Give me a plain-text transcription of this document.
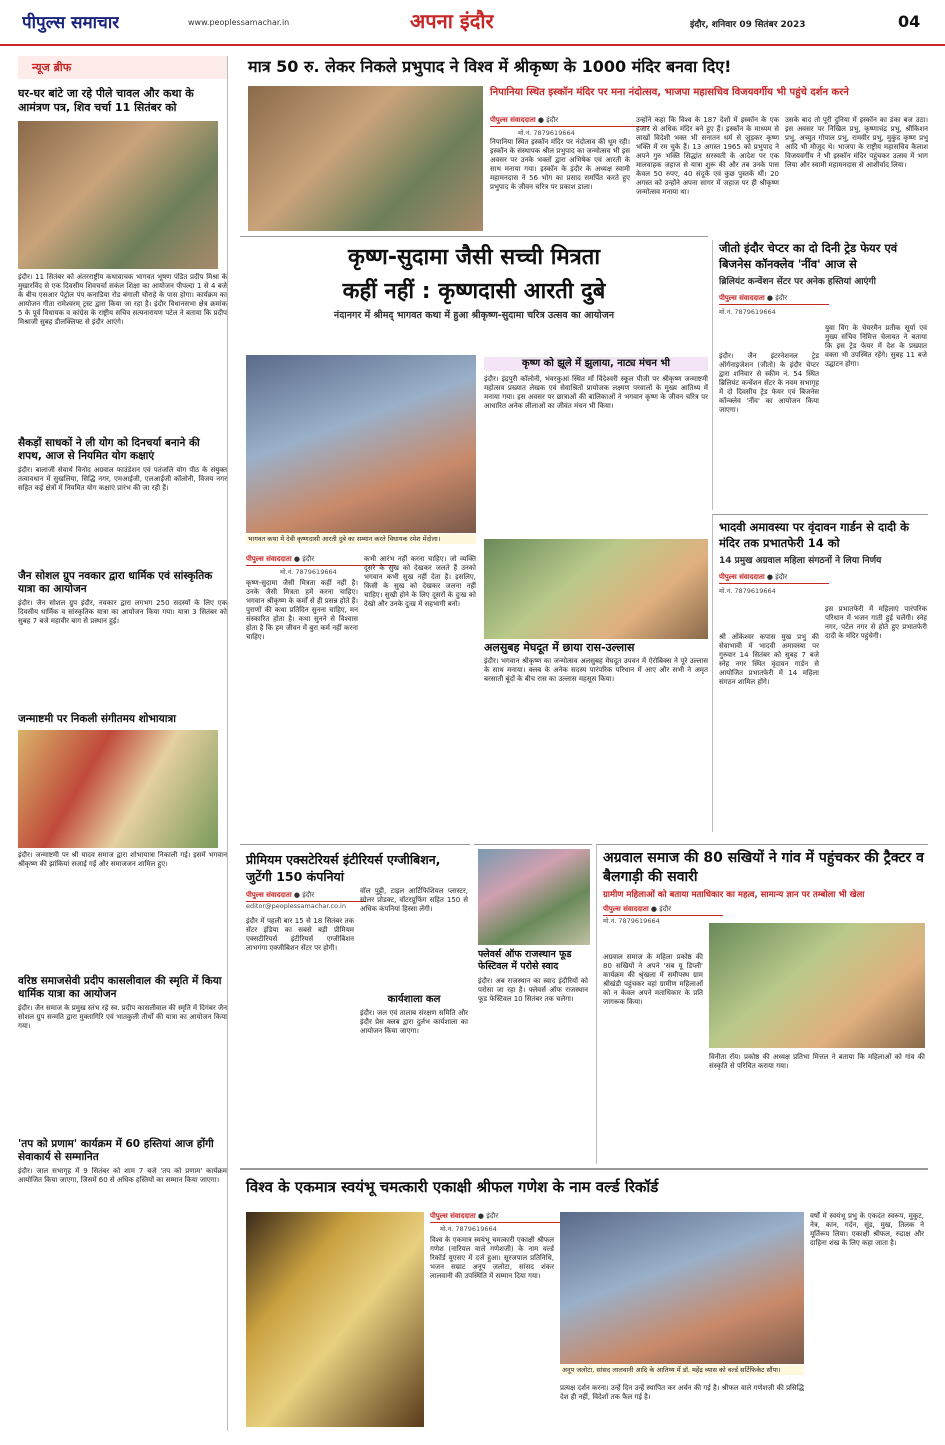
पीपुल्स समाचार	www.peoplessamachar.in	अपना इंदौर	इंदौर, शनिवार 09 सितंबर 2023	04
न्यूज ब्रीफ
घर-घर बांटे जा रहे पीले चावल और कथा के आमंत्रण पत्र, शिव चर्चा 11 सितंबर को
इंदौर। 11 सितंबर को अंतरराष्ट्रीय कथावाचक भागवत भूषण पंडित प्रदीप मिश्रा के मुखारविंद से एक दिवसीय शिवचर्चा सकंल शिक्षा का आयोजन पीपल्दा 1 से 4 बजे के बीच एसआर पेट्रोल पंप कनाडिया रोड बंगाली चौराहे के पास होगा। कार्यक्रम का आयोजन गीता रामेश्वरम् ट्रस्ट द्वारा किया जा रहा है। इंदौर विधानसभा क्षेत्र क्रमांक 5 के पूर्व विधायक व कांग्रेस के राष्ट्रीय सचिव सत्यनारायण पटेल ने बताया कि प्रदीप मिश्राजी सुबह डीलक्लिफ्ट से इंदौर आएंगे।
सैकड़ों साधकों ने ली योग को दिनचर्या बनाने की शपथ, आज से नियमित योग कक्षाएं
इंदौर। बालाजी सेवार्थ विनोद अग्रवाल फाउंडेशन एवं पतंजलि योग पीठ के संयुक्त तत्वावधान में सुखलिया, सिद्धि नगर, एमआईजी, एलआईजी कॉलोनी, विजय नगर सहित कई क्षेत्रों में नियमित योग कक्षाएं प्रारंभ की जा रही हैं।
जैन सोशल ग्रुप नवकार द्वारा धार्मिक एवं सांस्कृतिक यात्रा का आयोजन
इंदौर। जैन सोशल ग्रुप इंदौर, नवकार द्वारा लगभग 250 सदस्यों के लिए एक दिवसीय धार्मिक व सांस्कृतिक यात्रा का आयोजन किया गया। यात्रा 3 सितंबर को सुबह 7 बजे महावीर बाग से प्रस्थान हुई।
जन्माष्टमी पर निकली संगीतमय शोभायात्रा
इंदौर। जन्माष्टमी पर श्री यादव समाज द्वारा शोभायात्रा निकाली गई। इसमें भगवान श्रीकृष्ण की झांकियां सजाई गईं और समाजजन शामिल हुए।
वरिष्ठ समाजसेवी प्रदीप कासलीवाल की स्मृति में किया धार्मिक यात्रा का आयोजन
इंदौर। जैन समाज के प्रमुख स्तंभ रहे स्व. प्रदीप कासलीवाल की स्मृति में दिगंबर जैन सोशल ग्रुप सन्मति द्वारा मुक्तागिरि एवं भातकुली तीर्थों की यात्रा का आयोजन किया गया।
'तप को प्रणाम' कार्यक्रम में 60 हस्तियां आज होंगी सेवाकार्य से सम्मानित
इंदौर। जाल सभागृह में 9 सितंबर को शाम 7 बजे 'तप को प्रणाम' कार्यक्रम आयोजित किया जाएगा, जिसमें 60 से अधिक हस्तियों का सम्मान किया जाएगा।
मात्र 50 रु. लेकर निकले प्रभुपाद ने विश्व में श्रीकृष्ण के 1000 मंदिर बनवा दिए!
निपानिया स्थित इस्कॉन मंदिर पर मना नंदोत्सव, भाजपा महासचिव विजयवर्गीय भी पहुंचे दर्शन करने
पीपुल्स संवाददाता ● इंदौर
मो.नं. 7879619664
निपानिया स्थित इस्कॉन मंदिर पर नंदोत्सव की धूम रही। इस्कॉन के संस्थापक श्रील प्रभुपाद का जन्मोत्सव भी इस अवसर पर उनके भक्तों द्वारा अभिषेक एवं आरती के साथ मनाया गया। इस्कॉन के इंदौर के अध्यक्ष स्वामी महामनदास ने 56 भोग का प्रसाद समर्पित करते हुए प्रभुपाद के जीवन चरित्र पर प्रकाश डाला।
उन्होंने कहा कि विश्व के 187 देशों में इस्कॉन के एक हजार से अधिक मंदिर बने हुए हैं। इस्कॉन के माध्यम से लाखों विदेशी भक्त भी सनातन धर्म से जुड़कर कृष्ण भक्ति में रम चुके हैं। 13 अगस्त 1965 को प्रभुपाद ने अपने गुरु भक्ति सिद्धांत सरस्वती के आदेश पर एक मालवाहक जहाज से यात्रा शुरू की और तब उनके पास केवल 50 रुपए, 40 संदूकें एवं कुछ पुस्तकें थीं। 20 अगस्त को उन्होंने अपना सागर में जहाज पर ही श्रीकृष्ण जन्मोत्सव मनाया था।
उसके बाद तो पूरी दुनिया में इस्कॉन का डंका बज उठा। इस अवसर पर निखिल प्रभु, कृष्णाचंद्र प्रभु, श्रीकिशन प्रभु, अच्युत गोपाल प्रभु, रामवीर प्रभु, मुकुंद कृष्ण प्रभु आदि भी मौजूद थे। भाजपा के राष्ट्रीय महासचिव कैलाश विजयवर्गीय ने भी इस्कॉन मंदिर पहुंचकर उत्सव में भाग लिया और स्वामी महामनदास से आशीर्वाद लिया।
कृष्ण-सुदामा जैसी सच्ची मित्रता
कहीं नहीं : कृष्णदासी आरती दुबे
नंदानगर में श्रीमद् भागवत कथा में हुआ श्रीकृष्ण-सुदामा चरित्र उत्सव का आयोजन
भागवत कथा में देवी कृष्णदासी आरती दुबे का सम्मान करते विधायक रमेश मेंदोला।
पीपुल्स संवाददाता ● इंदौर
मो.नं. 7879619664
कृष्ण-सुदामा जैसी मित्रता कहीं नहीं है। उनके जैसी मित्रता हमें करना चाहिए। भगवान श्रीकृष्ण के कर्मों से ही प्रसन्न होते हैं। पुराणों की कथा प्रतिदिन सुनना चाहिए, मन संस्कारित होता है। कथा सुनने से विश्वास होता है कि हम जीवन में बुरा कर्म नहीं करना चाहिए।
कभी आरंभ नहीं करना चाहिए। जो व्यक्ति दूसरे के सुख को देखकर जलते हैं उनको भगवान कभी सुख नहीं देता है। इसलिए, किसी के सुख को देखकर जलना नहीं चाहिए। सुखी होने के लिए दूसरों के दुःख को देखो और उनके दुःख में सहभागी बनो।
कृष्ण को झूले में झुलाया, नाट्य मंचन भी
इंदौर। इंद्रपुरी कॉलोनी, भंवरकुआं स्थित माँ विंदेश्वरी स्कूल पीजी पर श्रीकृष्ण जन्माष्टमी महोत्सव प्रख्यात लेखक एवं सेवाश्रितों प्रायोजक लक्ष्मण परवालों के मुख्य आतिथ्य में मनाया गया। इस अवसर पर छात्राओं की बालिकाओं ने भगवान कृष्ण के जीवन चरित्र पर आधारित अनेक लीलाओं का जीवंत मंचन भी किया।
अलसुबह मेघदूत में छाया रास-उल्लास
इंदौर। भगवान श्रीकृष्ण का जन्मोत्सव अलसुबह मेघदूत उपवन में ऐरोबिक्स ने पूरे उल्लास के साथ मनाया। क्लब के अनेक सदस्य पारंपरिक परिधान में आए और सभी ने अमृत बरसाती बूंदों के बीच रास का उल्लास महसूस किया।
जीतो इंदौर चेप्टर का दो दिनी ट्रेड फेयर एवं बिजनेस कॉनक्लेव 'नींव' आज से
ब्रिलियंट कन्वेंशन सेंटर पर अनेक हस्तियां आएंगी
पीपुल्स संवाददाता ● इंदौर
मो.नं. 7879619664
इंदौर। जैन इंटरनेशनल ट्रेड ऑर्गनाइजेशन (जीतो) के इंदौर चेप्टर द्वारा शनिवार से स्कीम नं. 54 स्थित ब्रिलियंट कन्वेंशन सेंटर के नवम सभागृह में दो दिवसीय ट्रेड फेयर एवं बिजनेस कॉन्क्लेव 'नींव' का आयोजन किया जाएगा।
युवा विंग के चेयरमैन प्रतीक सूर्या एवं मुख्य संचिव निमित्त चेलावत ने बताया कि इस ट्रेड फेयर में देश के प्रख्यात वक्ता भी उपस्थित रहेंगे। सुबह 11 बजे उद्घाटन होगा।
भादवी अमावस्या पर वृंदावन गार्डन से दादी के मंदिर तक प्रभातफेरी 14 को
14 प्रमुख अग्रवाल महिला संगठनों ने लिया निर्णय
पीपुल्स संवाददाता ● इंदौर
मो.नं. 7879619664
श्री ओंकेश्वर कपास मुख प्रभु की सेवाभावी में भादवी अमावस्या पर गुरुवार 14 सितंबर को सुबह 7 बजे स्नेह नगर स्थित वृंदावन गार्डन से आयोजित प्रभातफेरी में 14 महिला संगठन शामिल होंगे।
इस प्रभातफेरी में महिलाएं पारंपरिक परिधान में भजन गाती हुई चलेंगी। स्नेह नगर, पटेल नगर से होते हुए प्रभातफेरी दादी के मंदिर पहुंचेगी।
प्रीमियम एक्सटेरियर्स इंटीरियर्स एग्जीबिशन, जुटेंगी 150 कंपनियां
पीपुल्स संवाददाता ● इंदौर
editor@peoplessamachar.co.in
इंदौर में पहली बार 15 से 18 सितंबर तक सेंटर इंडिया का सबसे बड़ी प्रीमियम एक्सटीरियर्स इंटीरियर्स एग्जीबिशन लाभगंगा एक्जीबिशन सेंटर पर होगी।
वॉल पुट्टी, टाइल आर्टिफिशियल प्लास्टर, सोलर प्रोडक्ट, वॉटरप्रूफिंग सहित 150 से अधिक कंपनियां हिस्सा लेंगी।
कार्यशाला कल
इंदौर। जल एवं तालाब संरक्षण समिति और इंदौर प्रेस क्लब द्वारा दुर्लभ कार्यशाला का आयोजन किया जाएगा।
फ्लेवर्स ऑफ राजस्थान फूड फेस्टिवल में परोसे स्वाद
इंदौर। अब राजस्थान का स्वाद इंदौरियों को परोसा जा रहा है। फ्लेवर्स ऑफ राजस्थान फूड फेस्टिवल 10 सितंबर तक चलेगा।
अग्रवाल समाज की 80 सखियों ने गांव में पहुंचकर की ट्रैक्टर व बैलगाड़ी की सवारी
ग्रामीण महिलाओं को बताया मताधिकार का महत्व, सामान्य ज्ञान पर तम्बोला भी खेला
पीपुल्स संवाददाता ● इंदौर
मो.नं. 7879619664
अग्रवाल समाज के महिला प्रकोष्ठ की 80 सखियों ने अपने 'सब यू डिप्ली' कार्यक्रम की श्रृंखला में समीपस्थ ग्राम श्रीखंडी पहुंचकर वहां ग्रामीण महिलाओं को न केवल अपने मताधिकार के प्रति जागरूक किया।
विनीता रॉय। प्रकोष्ठ की अध्यक्ष प्रतिभा मित्तल ने बताया कि महिलाओं को गांव की संस्कृति से परिचित कराया गया।
विश्व के एकमात्र स्वयंभू चमत्कारी एकाक्षी श्रीफल गणेश के नाम वर्ल्ड रिकॉर्ड
पीपुल्स संवाददाता ● इंदौर
मो.नं. 7879619664
विश्व के एकमात्र स्वयंभू चमत्कारी एकाक्षी श्रीफल गणेश (नारियल वाले गणेशजी) के नाम वर्ल्ड रिकॉर्ड यूएसए में दर्ज हुआ। सूरजपाल प्रतिनिधि, भजन सम्राट अनूप जलोटा, सांसद शंकर लालवानी की उपस्थिति में सम्मान दिया गया।
अनूप जलोटा, सांसद लालवानी आदि के आतिथ्य में डॉ. महेंद्र व्यास को वर्ल्ड सर्टिफिकेट सौंपा।
प्रत्यक्ष दर्शन करना। उन्हें दिन उन्हें स्थापित कर अर्चन की गई है। श्रीफल वाले गणेशजी की प्रसिद्धि देश ही नहीं, विदेशों तक फैल गई है।
वर्षों में स्वयंभू प्रभु के एकदंत स्वरूप, मुकुट, नेत्र, कान, गर्दन, सूंड, मुख, तिलक ने मूर्तिरूप लिया। एकाक्षी श्रीफल, रुद्राक्ष और दाहिना शंख के लिए कहा जाता है।
